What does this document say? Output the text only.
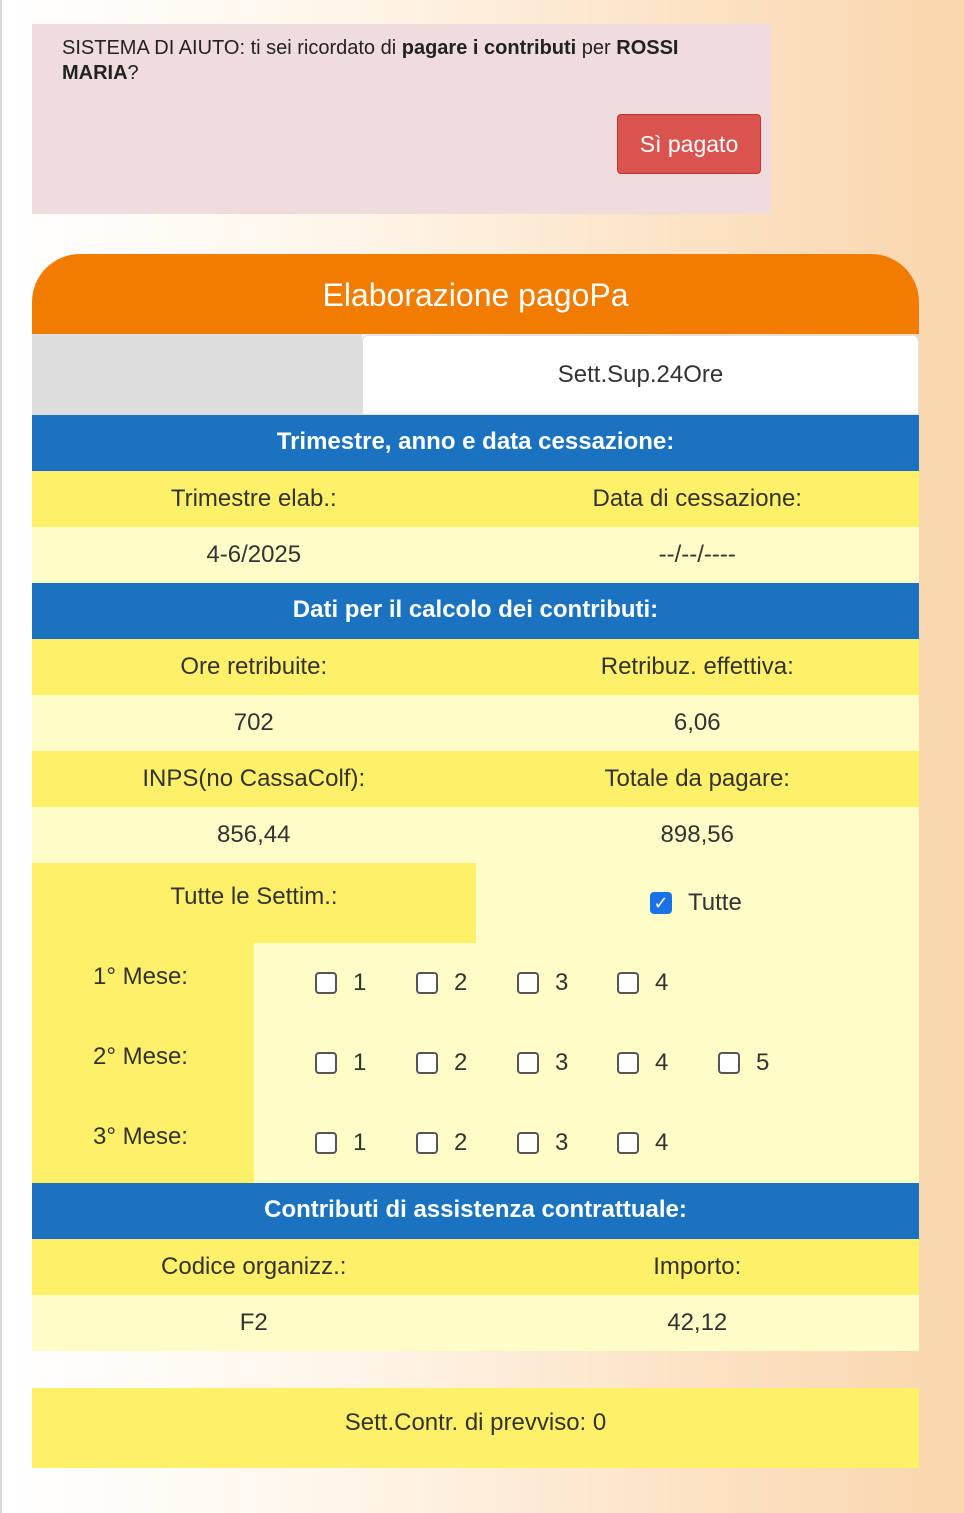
SISTEMA DI AIUTO: ti sei ricordato di pagare i contributi per ROSSI MARIA?
Sì pagato
Elaborazione pagoPa
Sett.Sup.24Ore
Trimestre, anno e data cessazione:
Trimestre elab.:	Data di cessazione:
4-6/2025	--/--/----
Dati per il calcolo dei contributi:
Ore retribuite:	Retribuz. effettiva:
702	6,06
INPS(no CassaColf):	Totale da pagare:
856,44	898,56
Tutte le Settim.:	✓ Tutte
1° Mese:	1	2	3	4
2° Mese:	1	2	3	4	5
3° Mese:	1	2	3	4
Contributi di assistenza contrattuale:
Codice organizz.:	Importo:
F2	42,12
Sett.Contr. di prevviso: 0
